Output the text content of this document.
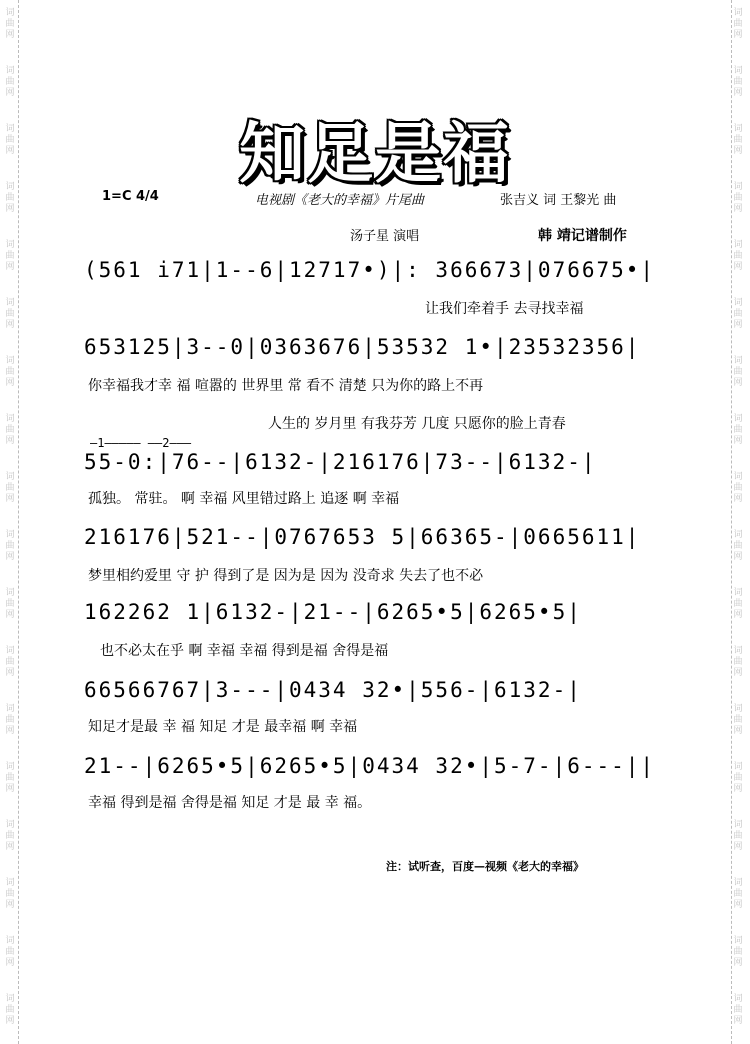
词
曲
网
词
曲
网
词
曲
网
词
曲
网
词
曲
网
词
曲
网
词
曲
网
词
曲
网
词
曲
网
词
曲
网
词
曲
网
词
曲
网
词
曲
网
词
曲
网
词
曲
网
词
曲
网
词
曲
网
词
曲
网
词
曲
网
词
曲
网
词
曲
网
词
曲
网
词
曲
网
词
曲
网
词
曲
网
词
曲
网
词
曲
网
词
曲
网
词
曲
网
词
曲
网
词
曲
网
词
曲
网
词
曲
网
词
曲
网
词
曲
网
词
曲
网
知足是福
1=C 4/4	电视剧《老大的幸福》片尾曲	张吉义 词 王黎光 曲
汤子星 演唱	韩 靖记谱制作
(561 i71|1--6|12717•)|: 366673|076675•|
让我们牵着手 去寻找幸福
653125|3--0|0363676|53532 1•|23532356|
你幸福我才幸 福 喧嚣的 世界里 常 看不 清楚 只为你的路上不再
人生的 岁月里 有我芬芳 几度 只愿你的脸上青春
—1————— ——2———
55-0:|76--|6132-|216176|73--|6132-|
孤独。 常驻。 啊 幸福 风里错过路上 追逐 啊 幸福
216176|521--|0767653 5|66365-|0665611|
梦里相约爱里 守 护 得到了是 因为是 因为 没奇求 失去了也不必
162262 1|6132-|21--|6265•5|6265•5|
也不必太在乎 啊 幸福 幸福 得到是福 舍得是福
66566767|3---|0434 32•|556-|6132-|
知足才是最 幸 福 知足 才是 最幸福 啊 幸福
21--|6265•5|6265•5|0434 32•|5-7-|6---||
幸福 得到是福 舍得是福 知足 才是 最 幸 福。
注：试听查，百度—视频《老大的幸福》
